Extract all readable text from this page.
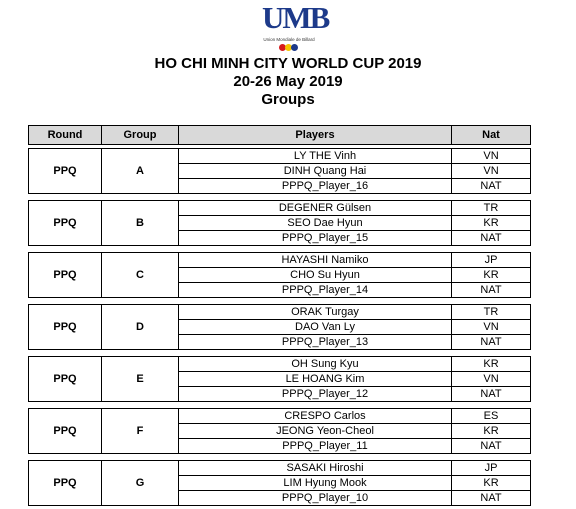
UMB
Union Mondiale de Billard
HO CHI MINH CITY WORLD CUP 2019
20-26 May 2019
Groups
Round	Group	Players	Nat
PPQ	A	LY THE Vinh	VN
		DINH Quang Hai	VN
		PPPQ_Player_16	NAT
PPQ	B	DEGENER Gülsen	TR
		SEO Dae Hyun	KR
		PPPQ_Player_15	NAT
PPQ	C	HAYASHI Namiko	JP
		CHO Su Hyun	KR
		PPPQ_Player_14	NAT
PPQ	D	ORAK Turgay	TR
		DAO Van Ly	VN
		PPPQ_Player_13	NAT
PPQ	E	OH Sung Kyu	KR
		LE HOANG Kim	VN
		PPPQ_Player_12	NAT
PPQ	F	CRESPO Carlos	ES
		JEONG Yeon-Cheol	KR
		PPPQ_Player_11	NAT
PPQ	G	SASAKI Hiroshi	JP
		LIM Hyung Mook	KR
		PPPQ_Player_10	NAT
